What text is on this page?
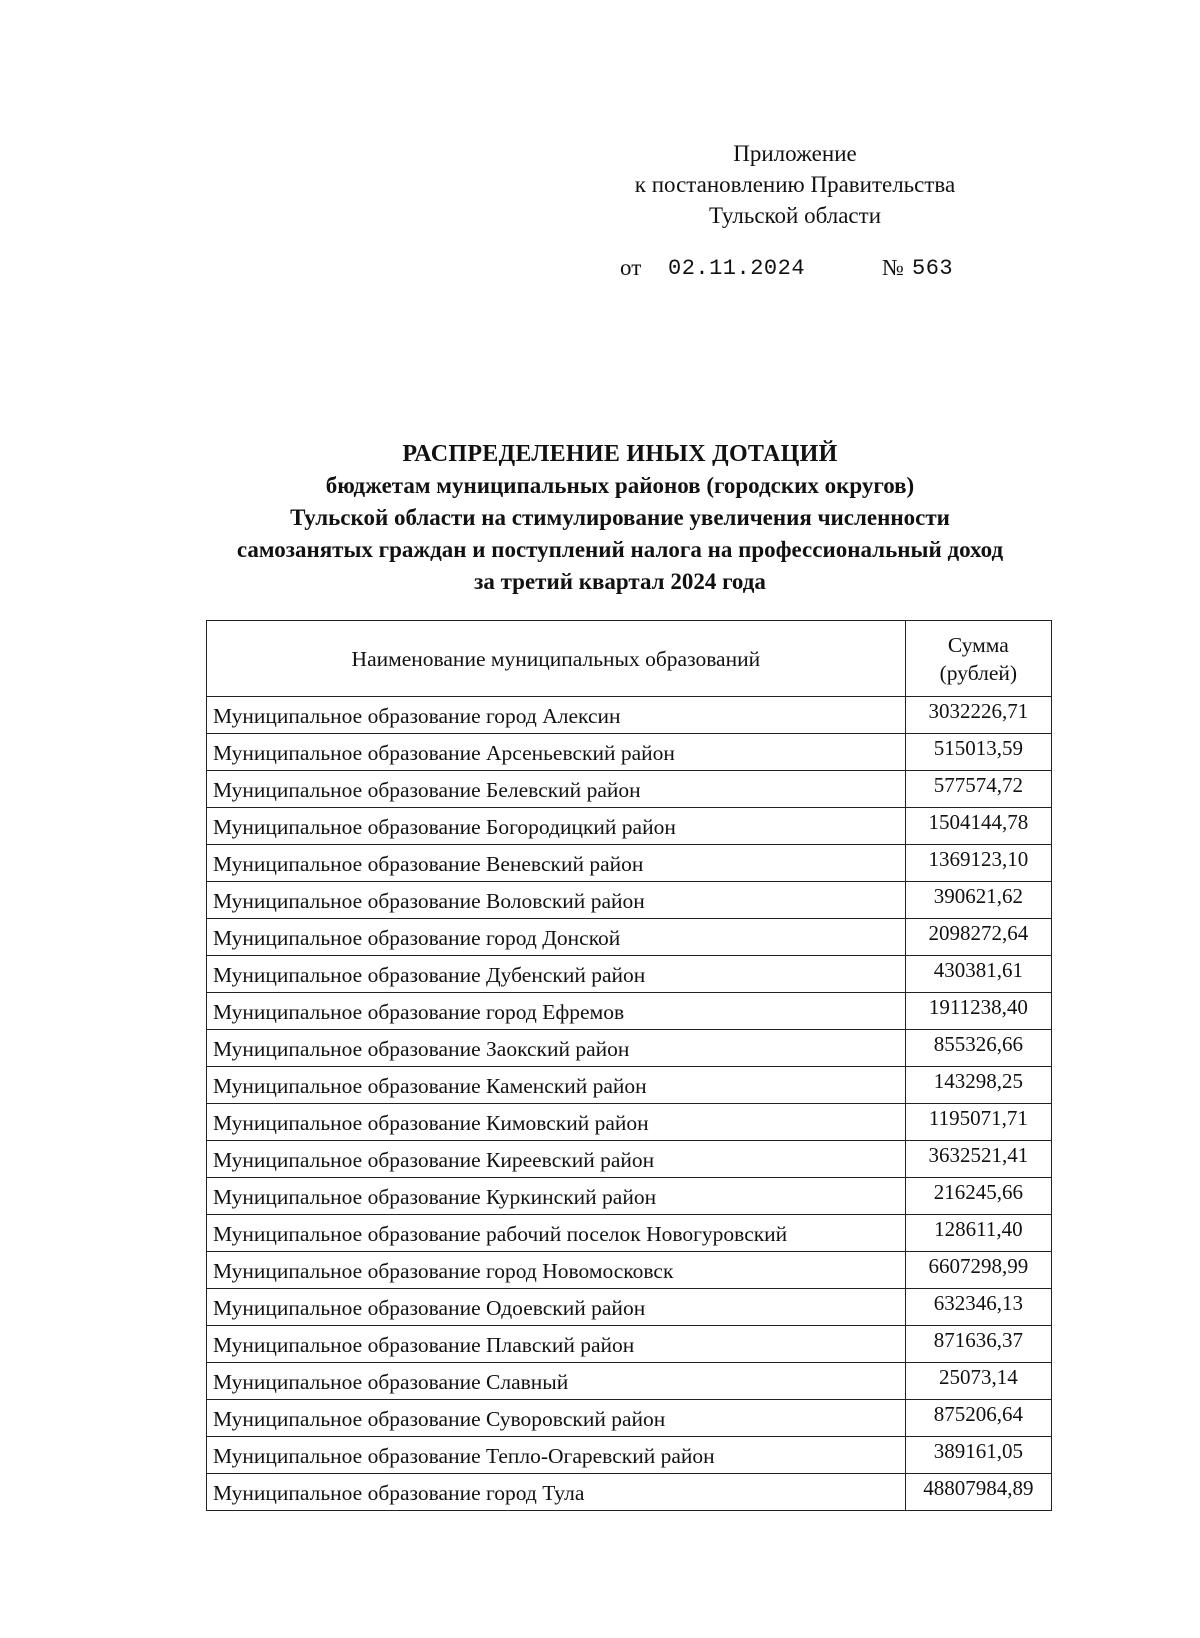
Приложение
к постановлению Правительства
Тульской области
от 02.11.2024	№ 563
РАСПРЕДЕЛЕНИЕ ИНЫХ ДОТАЦИЙ
бюджетам муниципальных районов (городских округов)
Тульской области на стимулирование увеличения численности
самозанятых граждан и поступлений налога на профессиональный доход
за третий квартал 2024 года
Наименование муниципальных образований	Сумма
(рублей)

Муниципальное образование город Алексин	3032226,71
Муниципальное образование Арсеньевский район	515013,59
Муниципальное образование Белевский район	577574,72
Муниципальное образование Богородицкий район	1504144,78
Муниципальное образование Веневский район	1369123,10
Муниципальное образование Воловский район	390621,62
Муниципальное образование город Донской	2098272,64
Муниципальное образование Дубенский район	430381,61
Муниципальное образование город Ефремов	1911238,40
Муниципальное образование Заокский район	855326,66
Муниципальное образование Каменский район	143298,25
Муниципальное образование Кимовский район	1195071,71
Муниципальное образование Киреевский район	3632521,41
Муниципальное образование Куркинский район	216245,66
Муниципальное образование рабочий поселок Новогуровский	128611,40
Муниципальное образование город Новомосковск	6607298,99
Муниципальное образование Одоевский район	632346,13
Муниципальное образование Плавский район	871636,37
Муниципальное образование Славный	25073,14
Муниципальное образование Суворовский район	875206,64
Муниципальное образование Тепло-Огаревский район	389161,05
Муниципальное образование город Тула	48807984,89
